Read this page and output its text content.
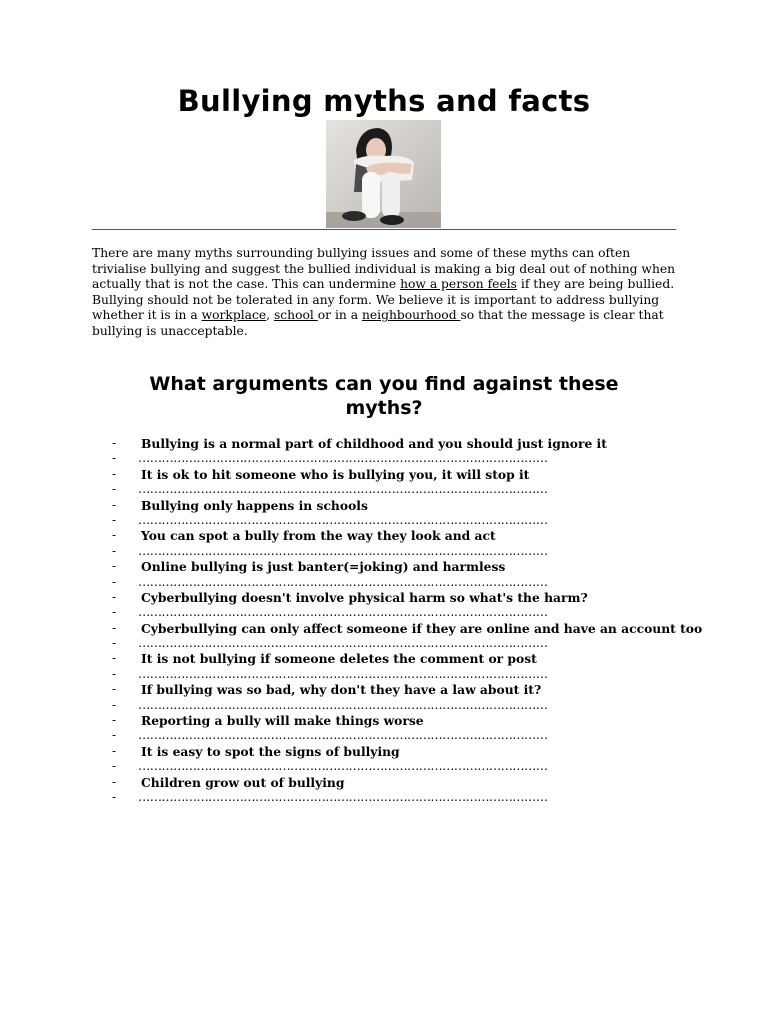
Bullying myths and facts

There are many myths surrounding bullying issues and some of these myths can often trivialise bullying and suggest the bullied individual is making a big deal out of nothing when actually that is not the case. This can undermine how a person feels if they are being bullied. Bullying should not be tolerated in any form. We believe it is important to address bullying whether it is in a workplace, school or in a neighbourhood so that the message is clear that bullying is unacceptable.

What arguments can you find against these myths?
- Bullying is a normal part of childhood and you should just ignore it
- ……………………………………………………………………………………………
- It is ok to hit someone who is bullying you, it will stop it
- ……………………………………………………………………………………………
- Bullying only happens in schools
- ……………………………………………………………………………………………
- You can spot a bully from the way they look and act
- ……………………………………………………………………………………………
- Online bullying is just banter(=joking) and harmless
- ……………………………………………………………………………………………
- Cyberbullying doesn't involve physical harm so what's the harm?
- ……………………………………………………………………………………………
- Cyberbullying can only affect someone if they are online and have an account too
- ……………………………………………………………………………………………
- It is not bullying if someone deletes the comment or post
- ……………………………………………………………………………………………
- If bullying was so bad, why don't they have a law about it?
- ……………………………………………………………………………………………
- Reporting a bully will make things worse
- ……………………………………………………………………………………………
- It is easy to spot the signs of bullying
- ……………………………………………………………………………………………
- Children grow out of bullying
- ……………………………………………………………………………………………
